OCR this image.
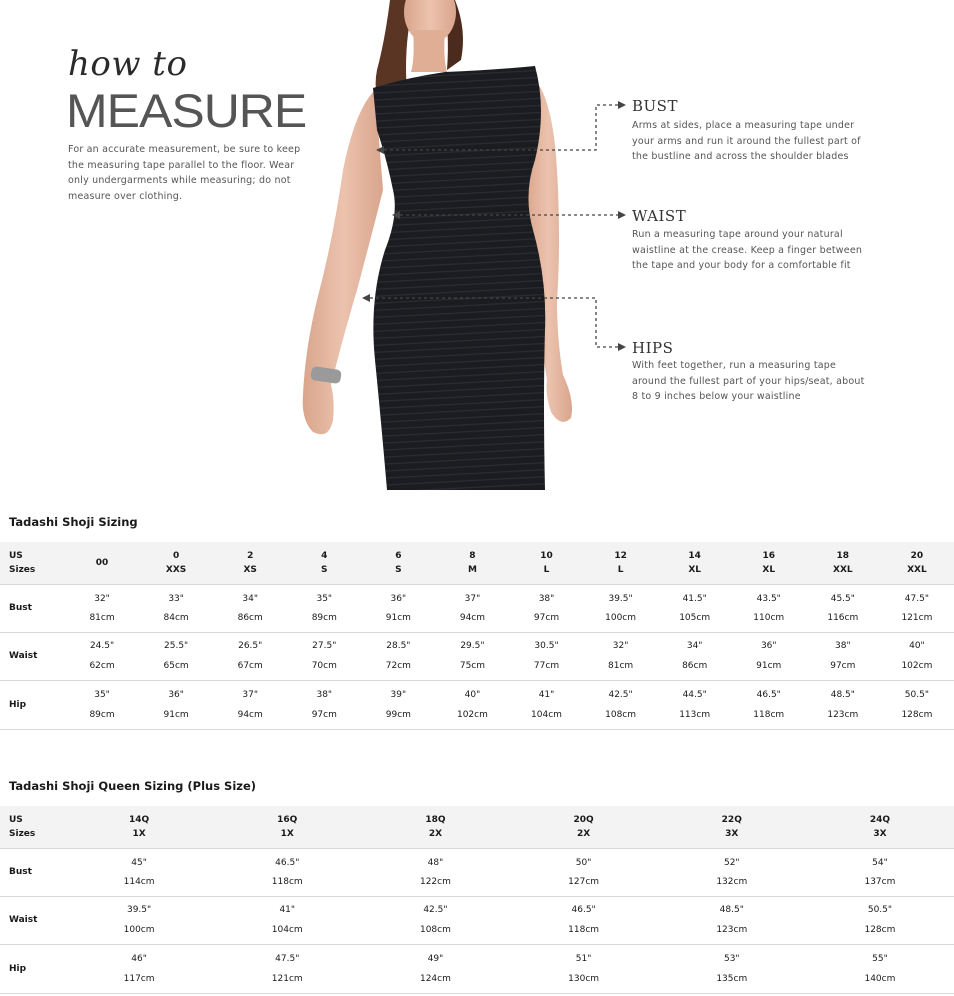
how to
MEASURE
For an accurate measurement, be sure to keep the measuring tape parallel to the floor. Wear only undergarments while measuring; do not measure over clothing.
BUST
Arms at sides, place a measuring tape under your arms and run it around the fullest part of the bustline and across the shoulder blades
WAIST
Run a measuring tape around your natural waistline at the crease. Keep a finger between the tape and your body for a comfortable fit
HIPS
With feet together, run a measuring tape around the fullest part of your hips/seat, about 8 to 9 inches below your waistline
Tadashi Shoji Sizing
US
Sizes
00
0
XXS
2
XS
4
S
6
S
8
M
10
L
12
L
14
XL
16
XL
18
XXL
20
XXL
Bust
32"
81cm
33"
84cm
34"
86cm
35"
89cm
36"
91cm
37"
94cm
38"
97cm
39.5"
100cm
41.5"
105cm
43.5"
110cm
45.5"
116cm
47.5"
121cm
Waist
24.5"
62cm
25.5"
65cm
26.5"
67cm
27.5"
70cm
28.5"
72cm
29.5"
75cm
30.5"
77cm
32"
81cm
34"
86cm
36"
91cm
38"
97cm
40"
102cm
Hip
35"
89cm
36"
91cm
37"
94cm
38"
97cm
39"
99cm
40"
102cm
41"
104cm
42.5"
108cm
44.5"
113cm
46.5"
118cm
48.5"
123cm
50.5"
128cm
Tadashi Shoji Queen Sizing (Plus Size)
US
Sizes
14Q
1X
16Q
1X
18Q
2X
20Q
2X
22Q
3X
24Q
3X
Bust
45"
114cm
46.5"
118cm
48"
122cm
50"
127cm
52"
132cm
54"
137cm
Waist
39.5"
100cm
41"
104cm
42.5"
108cm
46.5"
118cm
48.5"
123cm
50.5"
128cm
Hip
46"
117cm
47.5"
121cm
49"
124cm
51"
130cm
53"
135cm
55"
140cm
